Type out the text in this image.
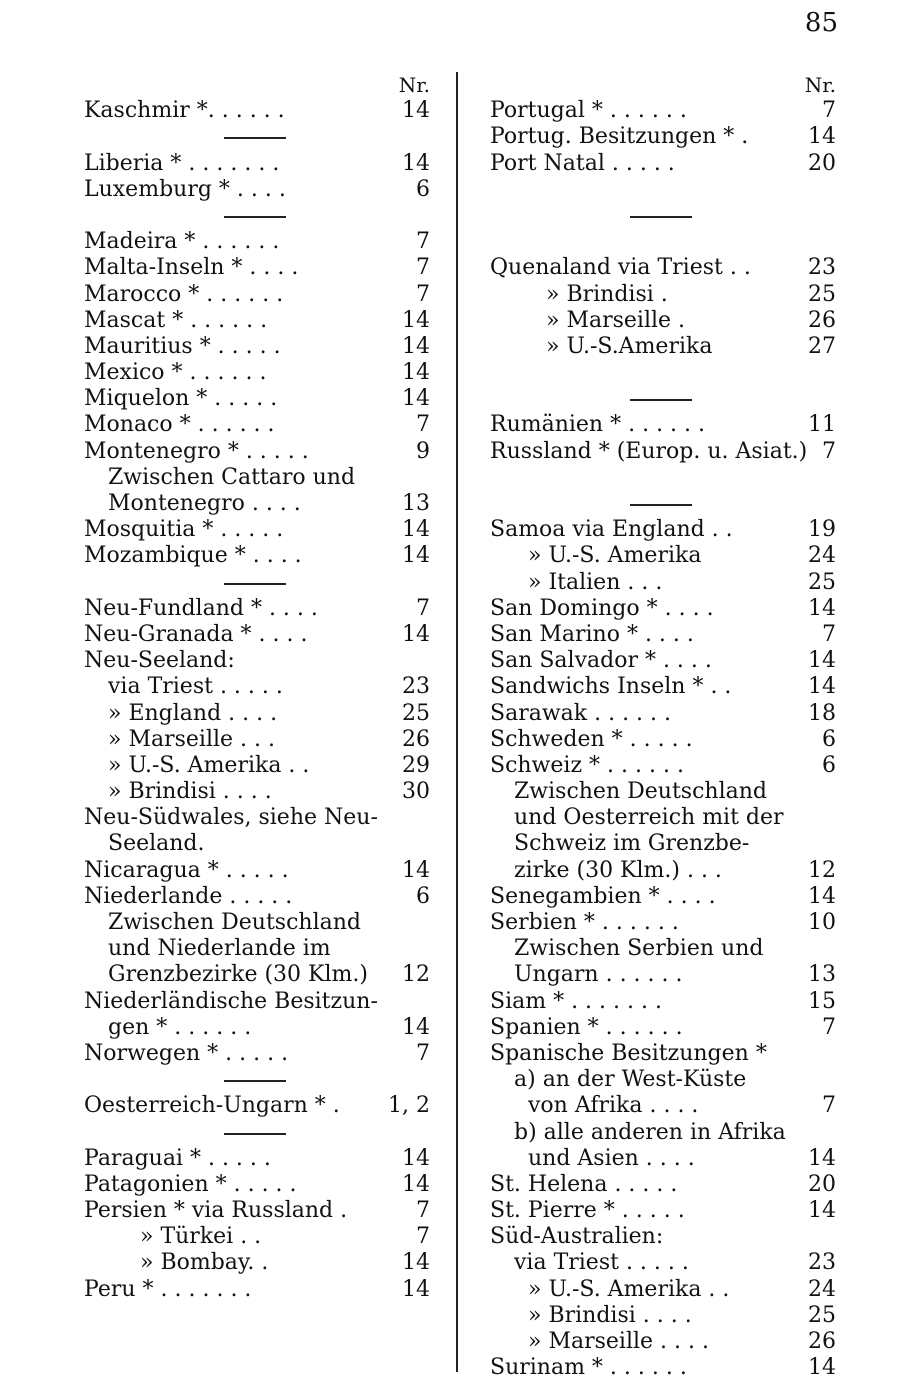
85
Nr.
Kaschmir *. . . . . .	14
Liberia * . . . . . . .	14
Luxemburg * . . . .	6
Madeira * . . . . . .	7
Malta-Inseln * . . . .	7
Marocco * . . . . . .	7
Mascat * . . . . . .	14
Mauritius * . . . . .	14
Mexico * . . . . . .	14
Miquelon * . . . . .	14
Monaco * . . . . . .	7
Montenegro * . . . . .	9
Zwischen Cattaro und
Montenegro . . . .	13
Mosquitia * . . . . .	14
Mozambique * . . . .	14
Neu-Fundland * . . . .	7
Neu-Granada * . . . .	14
Neu-Seeland:
via Triest . . . . .	23
» England . . . .	25
» Marseille . . .	26
» U.-S. Amerika . .	29
» Brindisi . . . .	30
Neu-Südwales, siehe Neu-
Seeland.
Nicaragua * . . . . .	14
Niederlande . . . . .	6
Zwischen Deutschland
und Niederlande im
Grenzbezirke (30 Klm.) 12
Niederländische Besitzun-
gen * . . . . . .	14
Norwegen * . . . . .	7
Oesterreich-Ungarn * . 1, 2
Paraguai * . . . . .	14
Patagonien * . . . . .	14
Persien * via Russland .	7
» Türkei . .	7
» Bombay. .	14
Peru * . . . . . . .	14
Nr.
Portugal * . . . . . .	7
Portug. Besitzungen * .	14
Port Natal . . . . .	20
Quenaland via Triest . .	23
» Brindisi .	25
» Marseille .	26
» U.-S.Amerika	27
Rumänien * . . . . . .	11
Russland * (Europ. u. Asiat.) 7
Samoa via England . .	19
» U.-S. Amerika	24
» Italien . . .	25
San Domingo * . . . .	14
San Marino * . . . .	7
San Salvador * . . . .	14
Sandwichs Inseln * . .	14
Sarawak . . . . . .	18
Schweden * . . . . .	6
Schweiz * . . . . . .	6
Zwischen Deutschland
und Oesterreich mit der
Schweiz im Grenzbe-
zirke (30 Klm.) . . .	12
Senegambien * . . . .	14
Serbien * . . . . . .	10
Zwischen Serbien und
Ungarn . . . . . .	13
Siam * . . . . . . .	15
Spanien * . . . . . .	7
Spanische Besitzungen *
a) an der West-Küste
von Afrika . . . .	7
b) alle anderen in Afrika
und Asien . . . .	14
St. Helena . . . . .	20
St. Pierre * . . . . .	14
Süd-Australien:
via Triest . . . . .	23
» U.-S. Amerika . .	24
» Brindisi . . . .	25
» Marseille . . . .	26
Surinam * . . . . . .	14
